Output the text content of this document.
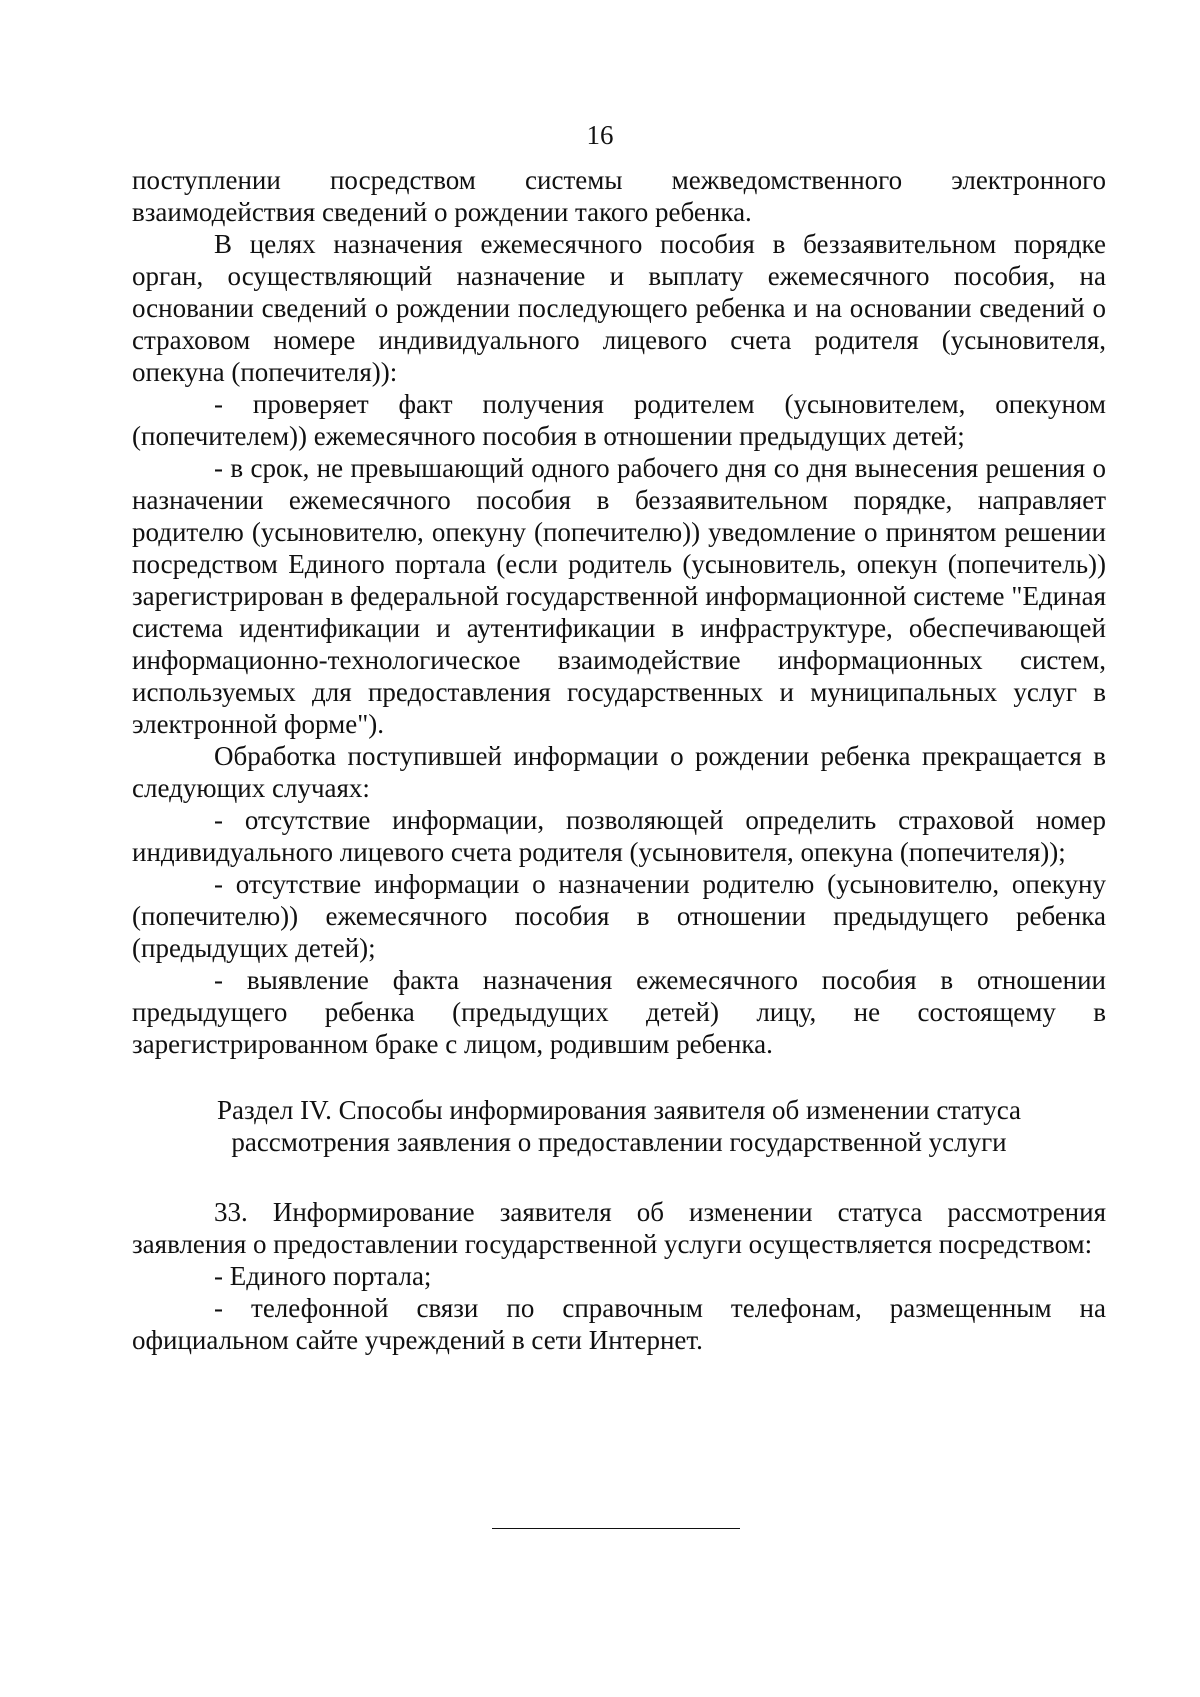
16

поступлении посредством системы межведомственного электронного взаимодействия сведений о рождении такого ребенка.

В целях назначения ежемесячного пособия в беззаявительном порядке орган, осуществляющий назначение и выплату ежемесячного пособия, на основании сведений о рождении последующего ребенка и на основании сведений о страховом номере индивидуального лицевого счета родителя (усыновителя, опекуна (попечителя)):

- проверяет факт получения родителем (усыновителем, опекуном (попечителем)) ежемесячного пособия в отношении предыдущих детей;

- в срок, не превышающий одного рабочего дня со дня вынесения решения о назначении ежемесячного пособия в беззаявительном порядке, направляет родителю (усыновителю, опекуну (попечителю)) уведомление о принятом решении посредством Единого портала (если родитель (усыновитель, опекун (попечитель)) зарегистрирован в федеральной государственной информационной системе "Единая система идентификации и аутентификации в инфраструктуре, обеспечивающей информационно-технологическое взаимодействие информационных систем, используемых для предоставления государственных и муниципальных услуг в электронной форме").

Обработка поступившей информации о рождении ребенка прекращается в следующих случаях:

- отсутствие информации, позволяющей определить страховой номер индивидуального лицевого счета родителя (усыновителя, опекуна (попечителя));

- отсутствие информации о назначении родителю (усыновителю, опекуну (попечителю)) ежемесячного пособия в отношении предыдущего ребенка (предыдущих детей);

- выявление факта назначения ежемесячного пособия в отношении предыдущего ребенка (предыдущих детей) лицу, не состоящему в зарегистрированном браке с лицом, родившим ребенка.

Раздел IV. Способы информирования заявителя об изменении статуса рассмотрения заявления о предоставлении государственной услуги

33. Информирование заявителя об изменении статуса рассмотрения заявления о предоставлении государственной услуги осуществляется посредством:

- Единого портала;

- телефонной связи по справочным телефонам, размещенным на официальном сайте учреждений в сети Интернет.
